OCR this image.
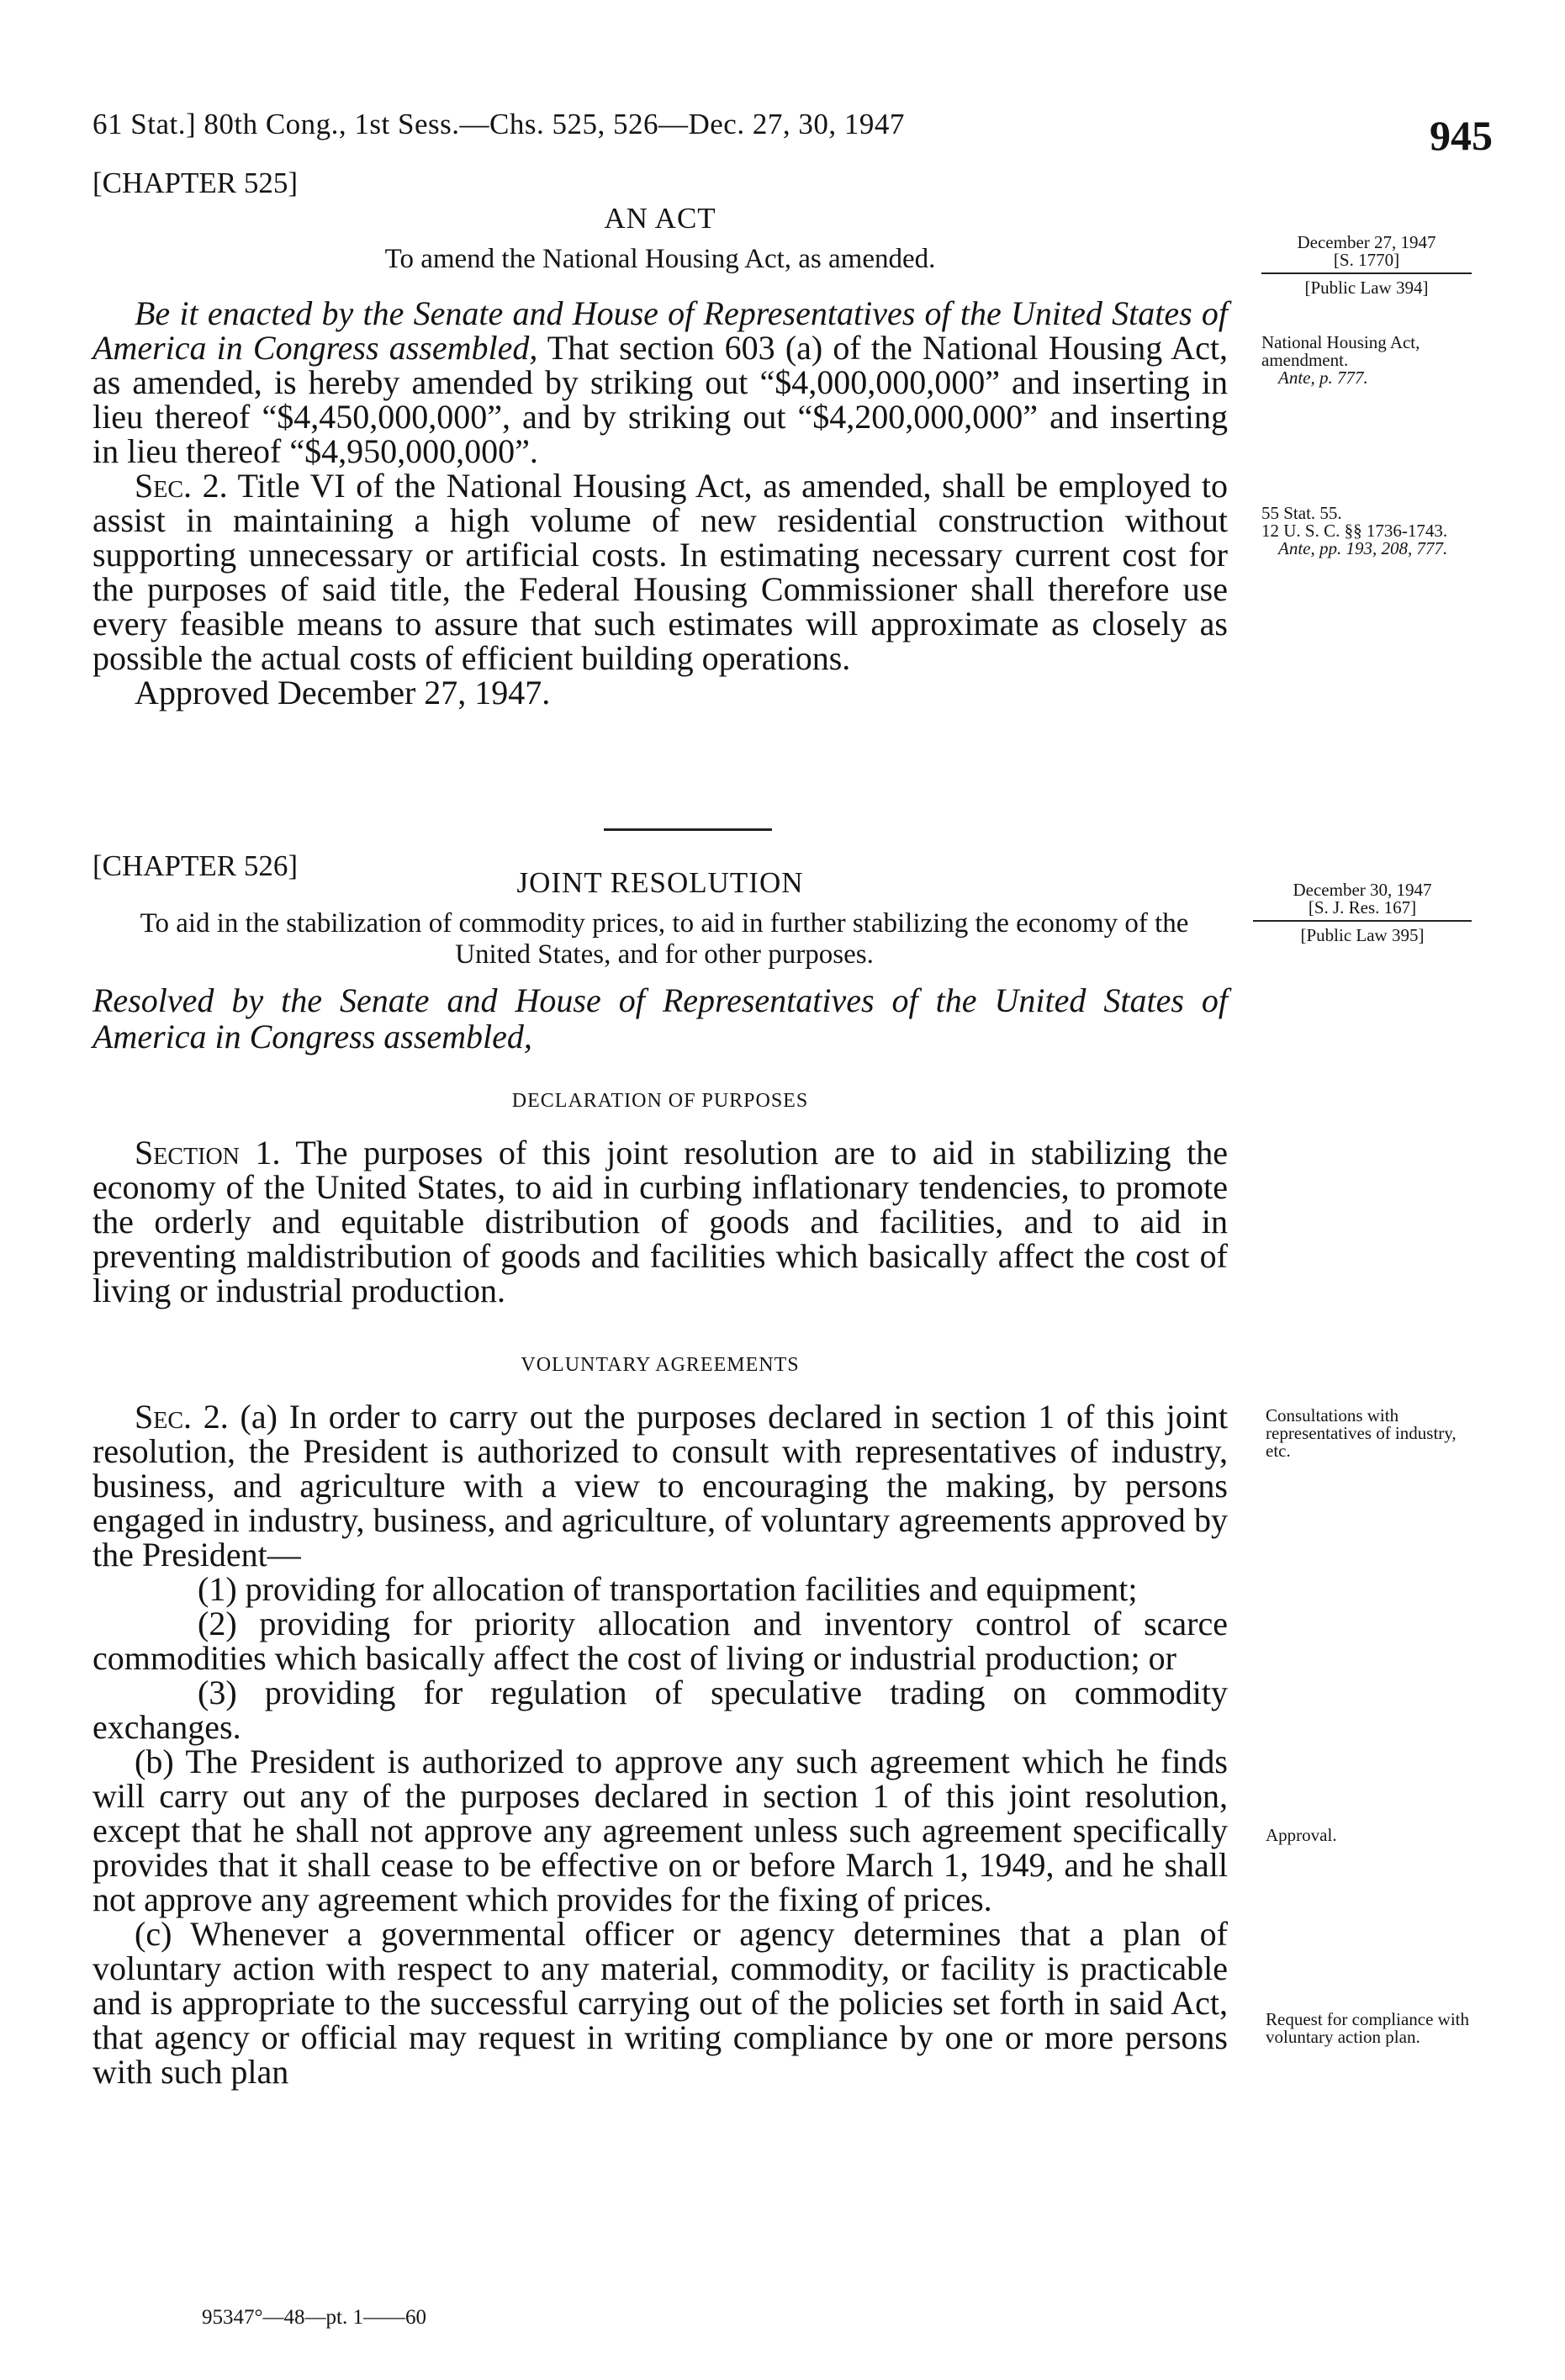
61 Stat.] 80th Cong., 1st Sess.—Chs. 525, 526—Dec. 27, 30, 1947	945
[CHAPTER 525]
AN ACT
To amend the National Housing Act, as amended.

December 27, 1947

[S. 1770]

[Public Law 394]

National Housing Act, amendment.

Ante, p. 777.

55 Stat. 55.

12 U. S. C. §§ 1736-1743.

Ante, pp. 193, 208, 777.

Be it enacted by the Senate and House of Representatives of the United States of America in Congress assembled, That section 603 (a) of the National Housing Act, as amended, is hereby amended by striking out “$4,000,000,000” and inserting in lieu thereof “$4,450,000,000”, and by striking out “$4,200,000,000” and inserting in lieu thereof “$4,950,000,000”.

Sec. 2. Title VI of the National Housing Act, as amended, shall be employed to assist in maintaining a high volume of new residential construction without supporting unnecessary or artificial costs. In estimating necessary current cost for the purposes of said title, the Federal Housing Commissioner shall therefore use every feasible means to assure that such estimates will approximate as closely as possible the actual costs of efficient building operations.

Approved December 27, 1947.

[CHAPTER 526]
JOINT RESOLUTION
To aid in the stabilization of commodity prices, to aid in further stabilizing the economy of the United States, and for other purposes.

December 30, 1947

[S. J. Res. 167]

[Public Law 395]
Resolved by the Senate and House of Representatives of the United States of America in Congress assembled,
DECLARATION OF PURPOSES

Section 1. The purposes of this joint resolution are to aid in stabilizing the economy of the United States, to aid in curbing inflationary tendencies, to promote the orderly and equitable distribution of goods and facilities, and to aid in preventing maldistribution of goods and facilities which basically affect the cost of living or industrial production.

VOLUNTARY AGREEMENTS
Consultations with representatives of industry, etc.
Approval.
Request for compliance with voluntary action plan.

Sec. 2. (a) In order to carry out the purposes declared in section 1 of this joint resolution, the President is authorized to consult with representatives of industry, business, and agriculture with a view to encouraging the making, by persons engaged in industry, business, and agriculture, of voluntary agreements approved by the President—

(1) providing for allocation of transportation facilities and equipment;

(2) providing for priority allocation and inventory control of scarce commodities which basically affect the cost of living or industrial production; or

(3) providing for regulation of speculative trading on commodity exchanges.

(b) The President is authorized to approve any such agreement which he finds will carry out any of the purposes declared in section 1 of this joint resolution, except that he shall not approve any agreement unless such agreement specifically provides that it shall cease to be effective on or before March 1, 1949, and he shall not approve any agreement which provides for the fixing of prices.

(c) Whenever a governmental officer or agency determines that a plan of voluntary action with respect to any material, commodity, or facility is practicable and is appropriate to the successful carrying out of the policies set forth in said Act, that agency or official may request in writing compliance by one or more persons with such plan

95347°—48—pt. 1——60
